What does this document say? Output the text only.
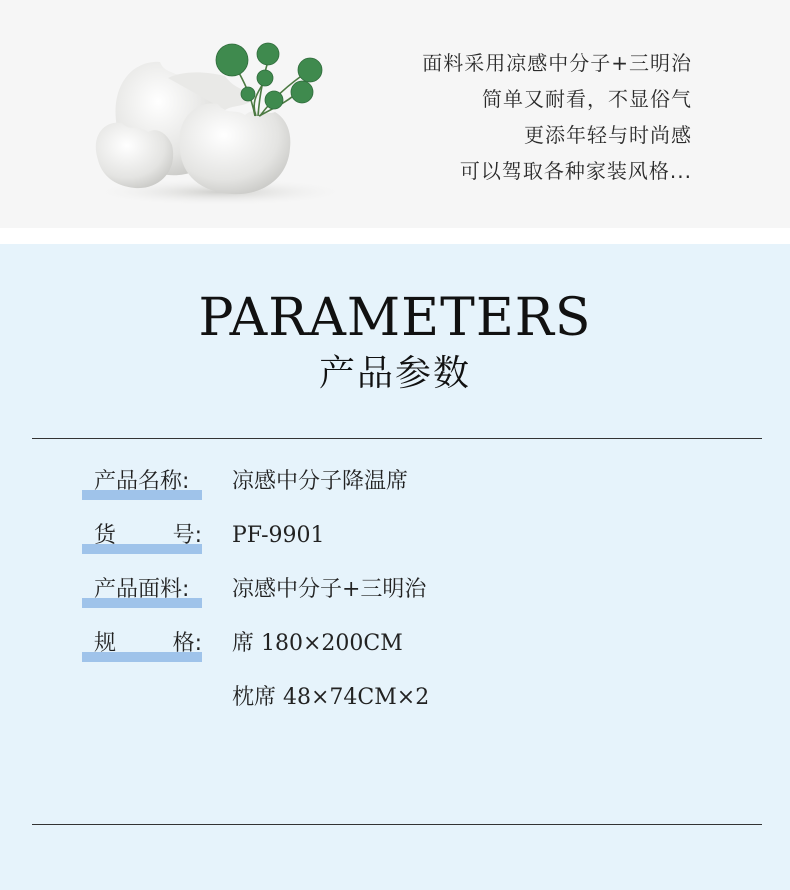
面料采用凉感中分子+三明治
简单又耐看，不显俗气
更添年轻与时尚感
可以驾取各种家装风格...
PARAMETERS
产品参数
产品名称:	凉感中分子降温席
货	号: PF-9901
产品面料:	凉感中分子+三明治
规	格: 席 180×200CM
枕席 48×74CM×2
